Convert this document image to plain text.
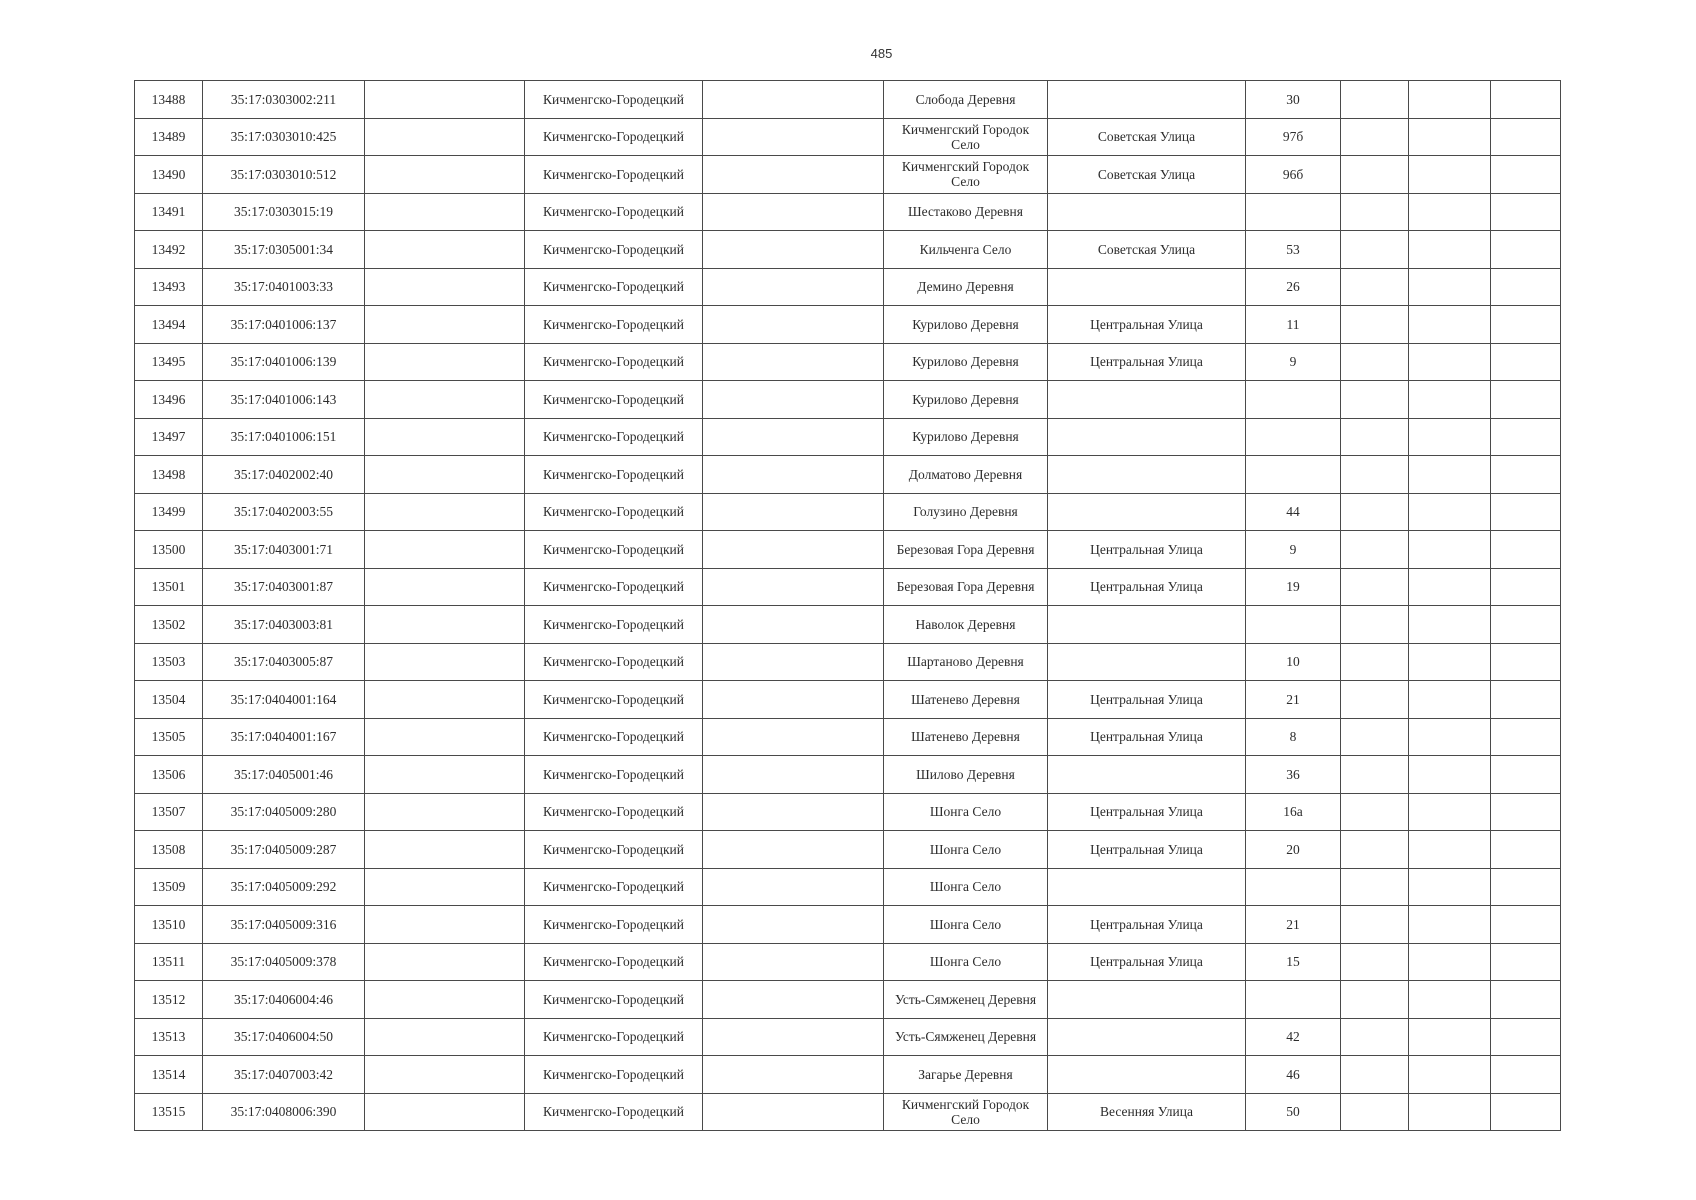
485
13488	35:17:0303002:211		Кичменгско-Городецкий		Слобода Деревня		30			
13489	35:17:0303010:425		Кичменгско-Городецкий		Кичменгский Городок Село	Советская Улица	97б			
13490	35:17:0303010:512		Кичменгско-Городецкий		Кичменгский Городок Село	Советская Улица	96б			
13491	35:17:0303015:19		Кичменгско-Городецкий		Шестаково Деревня					
13492	35:17:0305001:34		Кичменгско-Городецкий		Кильченга Село	Советская Улица	53			
13493	35:17:0401003:33		Кичменгско-Городецкий		Демино Деревня		26			
13494	35:17:0401006:137		Кичменгско-Городецкий		Курилово Деревня	Центральная Улица	11			
13495	35:17:0401006:139		Кичменгско-Городецкий		Курилово Деревня	Центральная Улица	9			
13496	35:17:0401006:143		Кичменгско-Городецкий		Курилово Деревня					
13497	35:17:0401006:151		Кичменгско-Городецкий		Курилово Деревня					
13498	35:17:0402002:40		Кичменгско-Городецкий		Долматово Деревня					
13499	35:17:0402003:55		Кичменгско-Городецкий		Голузино Деревня		44			
13500	35:17:0403001:71		Кичменгско-Городецкий		Березовая Гора Деревня	Центральная Улица	9			
13501	35:17:0403001:87		Кичменгско-Городецкий		Березовая Гора Деревня	Центральная Улица	19			
13502	35:17:0403003:81		Кичменгско-Городецкий		Наволок Деревня					
13503	35:17:0403005:87		Кичменгско-Городецкий		Шартаново Деревня		10			
13504	35:17:0404001:164		Кичменгско-Городецкий		Шатенево Деревня	Центральная Улица	21			
13505	35:17:0404001:167		Кичменгско-Городецкий		Шатенево Деревня	Центральная Улица	8			
13506	35:17:0405001:46		Кичменгско-Городецкий		Шилово Деревня		36			
13507	35:17:0405009:280		Кичменгско-Городецкий		Шонга Село	Центральная Улица	16а			
13508	35:17:0405009:287		Кичменгско-Городецкий		Шонга Село	Центральная Улица	20			
13509	35:17:0405009:292		Кичменгско-Городецкий		Шонга Село					
13510	35:17:0405009:316		Кичменгско-Городецкий		Шонга Село	Центральная Улица	21			
13511	35:17:0405009:378		Кичменгско-Городецкий		Шонга Село	Центральная Улица	15			
13512	35:17:0406004:46		Кичменгско-Городецкий		Усть-Сямженец Деревня					
13513	35:17:0406004:50		Кичменгско-Городецкий		Усть-Сямженец Деревня		42			
13514	35:17:0407003:42		Кичменгско-Городецкий		Загарье Деревня		46			
13515	35:17:0408006:390		Кичменгско-Городецкий		Кичменгский Городок Село	Весенняя Улица	50			
